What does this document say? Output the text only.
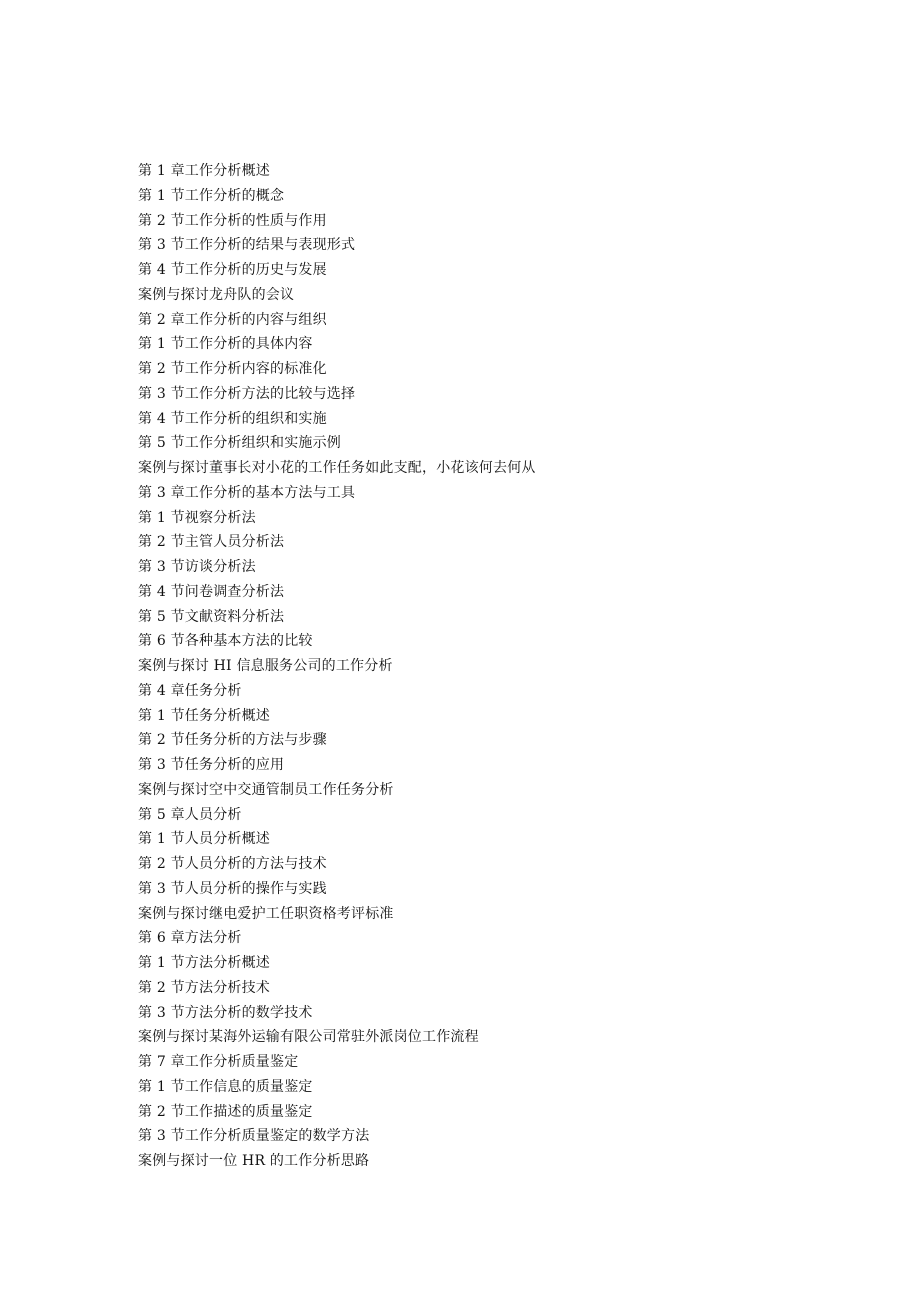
第 1 章工作分析概述
第 1 节工作分析的概念
第 2 节工作分析的性质与作用
第 3 节工作分析的结果与表现形式
第 4 节工作分析的历史与发展
案例与探讨龙舟队的会议
第 2 章工作分析的内容与组织
第 1 节工作分析的具体内容
第 2 节工作分析内容的标准化
第 3 节工作分析方法的比较与选择
第 4 节工作分析的组织和实施
第 5 节工作分析组织和实施示例
案例与探讨董事长对小花的工作任务如此支配，小花该何去何从
第 3 章工作分析的基本方法与工具
第 1 节视察分析法
第 2 节主管人员分析法
第 3 节访谈分析法
第 4 节问卷调查分析法
第 5 节文献资料分析法
第 6 节各种基本方法的比较
案例与探讨 HI 信息服务公司的工作分析
第 4 章任务分析
第 1 节任务分析概述
第 2 节任务分析的方法与步骤
第 3 节任务分析的应用
案例与探讨空中交通管制员工作任务分析
第 5 章人员分析
第 1 节人员分析概述
第 2 节人员分析的方法与技术
第 3 节人员分析的操作与实践
案例与探讨继电爱护工任职资格考评标准
第 6 章方法分析
第 1 节方法分析概述
第 2 节方法分析技术
第 3 节方法分析的数学技术
案例与探讨某海外运输有限公司常驻外派岗位工作流程
第 7 章工作分析质量鉴定
第 1 节工作信息的质量鉴定
第 2 节工作描述的质量鉴定
第 3 节工作分析质量鉴定的数学方法
案例与探讨一位 HR 的工作分析思路
